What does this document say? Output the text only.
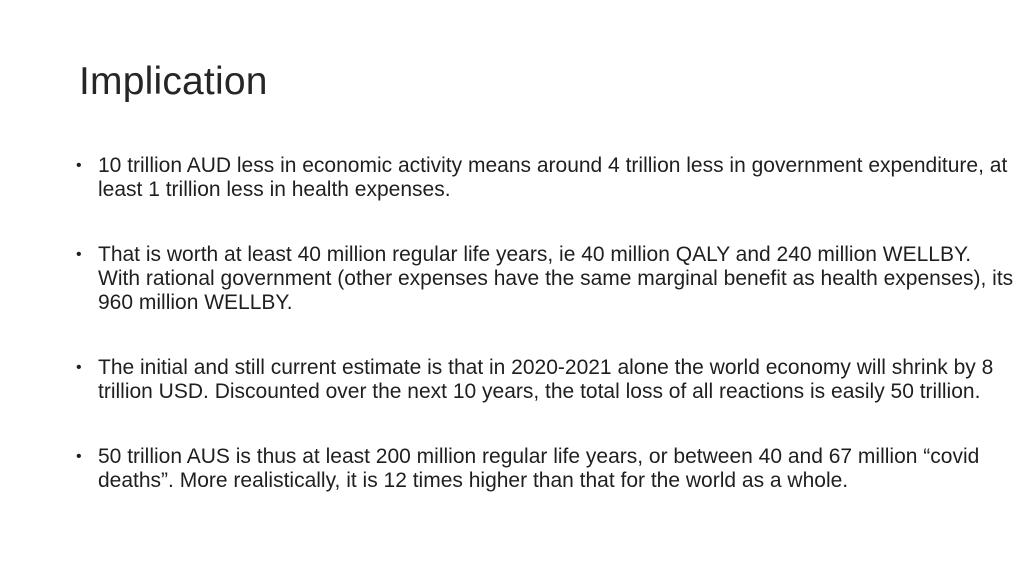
Implication
• 10 trillion AUD less in economic activity means around 4 trillion less in government expenditure, at least 1 trillion less in health expenses.
• That is worth at least 40 million regular life years, ie 40 million QALY and 240 million WELLBY. With rational government (other expenses have the same marginal benefit as health expenses), its 960 million WELLBY.
• The initial and still current estimate is that in 2020-2021 alone the world economy will shrink by 8 trillion USD. Discounted over the next 10 years, the total loss of all reactions is easily 50 trillion.
• 50 trillion AUS is thus at least 200 million regular life years, or between 40 and 67 million “covid deaths”. More realistically, it is 12 times higher than that for the world as a whole.
